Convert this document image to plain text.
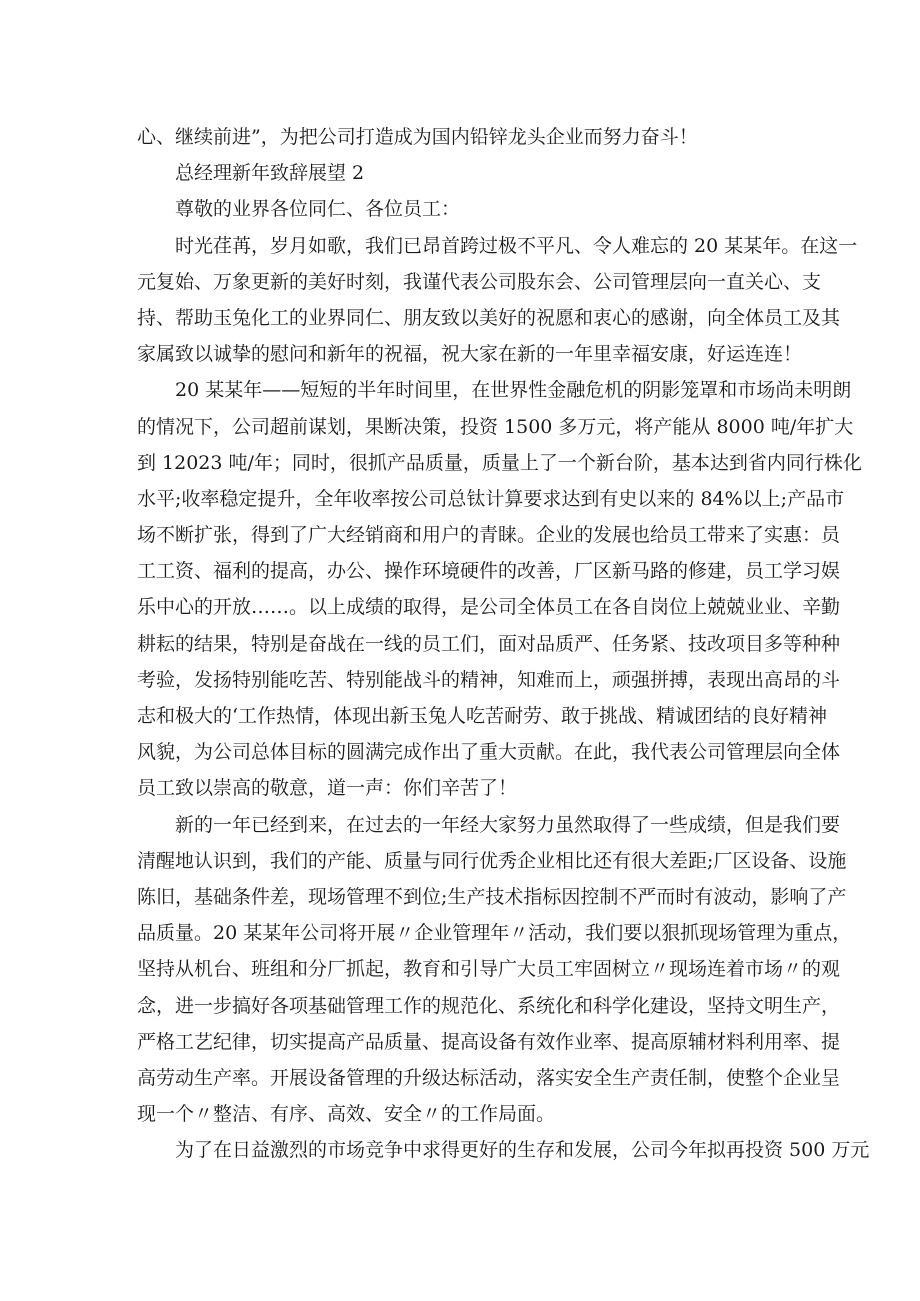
心、继续前进”，为把公司打造成为国内铅锌龙头企业而努力奋斗！
　　总经理新年致辞展望 2
　　尊敬的业界各位同仁、各位员工：
　　时光荏苒，岁月如歌，我们已昂首跨过极不平凡、令人难忘的 20 某某年。在这一
元复始、万象更新的美好时刻，我谨代表公司股东会、公司管理层向一直关心、支
持、帮助玉兔化工的业界同仁、朋友致以美好的祝愿和衷心的感谢，向全体员工及其
家属致以诚挚的慰问和新年的祝福，祝大家在新的一年里幸福安康，好运连连！
　　20 某某年——短短的半年时间里，在世界性金融危机的阴影笼罩和市场尚未明朗
的情况下，公司超前谋划，果断决策，投资 1500 多万元，将产能从 8000 吨/年扩大
到 12023 吨/年；同时，很抓产品质量，质量上了一个新台阶，基本达到省内同行株化
水平;收率稳定提升，全年收率按公司总钛计算要求达到有史以来的 84%以上;产品市
场不断扩张，得到了广大经销商和用户的青睐。企业的发展也给员工带来了实惠：员
工工资、福利的提高，办公、操作环境硬件的改善，厂区新马路的修建，员工学习娱
乐中心的开放……。以上成绩的取得，是公司全体员工在各自岗位上兢兢业业、辛勤
耕耘的结果，特别是奋战在一线的员工们，面对品质严、任务紧、技改项目多等种种
考验，发扬特别能吃苦、特别能战斗的精神，知难而上，顽强拼搏，表现出高昂的斗
志和极大的‘工作热情，体现出新玉兔人吃苦耐劳、敢于挑战、精诚团结的良好精神
风貌，为公司总体目标的圆满完成作出了重大贡献。在此，我代表公司管理层向全体
员工致以崇高的敬意，道一声：你们辛苦了！
　　新的一年已经到来，在过去的一年经大家努力虽然取得了一些成绩，但是我们要
清醒地认识到，我们的产能、质量与同行优秀企业相比还有很大差距;厂区设备、设施
陈旧，基础条件差，现场管理不到位;生产技术指标因控制不严而时有波动，影响了产
品质量。20 某某年公司将开展〃企业管理年〃活动，我们要以狠抓现场管理为重点，
坚持从机台、班组和分厂抓起，教育和引导广大员工牢固树立〃现场连着市场〃的观
念，进一步搞好各项基础管理工作的规范化、系统化和科学化建设，坚持文明生产，
严格工艺纪律，切实提高产品质量、提高设备有效作业率、提高原辅材料利用率、提
高劳动生产率。开展设备管理的升级达标活动，落实安全生产责任制，使整个企业呈
现一个〃整洁、有序、高效、安全〃的工作局面。
　　为了在日益激烈的市场竞争中求得更好的生存和发展，公司今年拟再投资 500 万元
